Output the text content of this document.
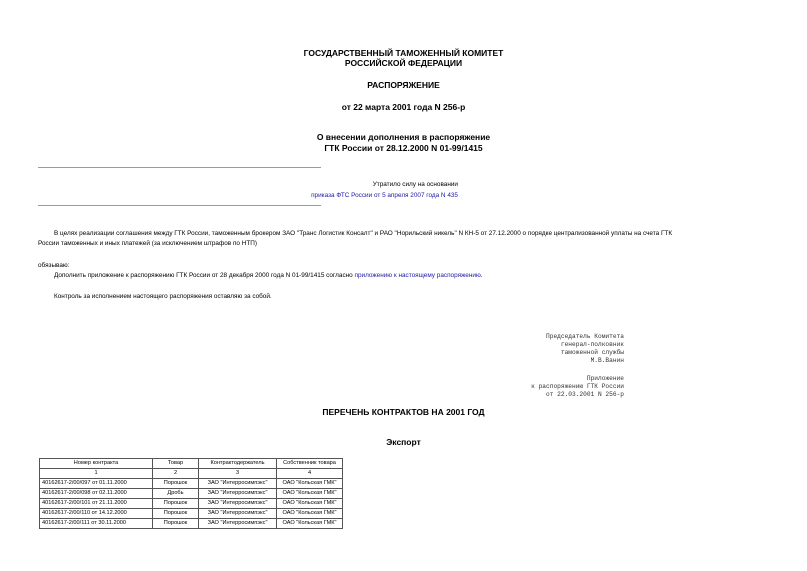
ГОСУДАРСТВЕННЫЙ ТАМОЖЕННЫЙ КОМИТЕТ
РОССИЙСКОЙ ФЕДЕРАЦИИ
РАСПОРЯЖЕНИЕ
от 22 марта 2001 года N 256-р
О внесении дополнения в распоряжение
ГТК России от 28.12.2000 N 01-99/1415
Утратило силу на основании
приказа ФТС России от 5 апреля 2007 года N 435
В целях реализации соглашения между ГТК России, таможенным брокером ЗАО "Транс Логистик Консалт" и РАО "Норильский никель" N КН-5 от 27.12.2000 о порядке централизованной уплаты на счета ГТК
России таможенных и иных платежей (за исключением штрафов по НТП)
обязываю:
Дополнить приложение к распоряжению ГТК России от 28 декабря 2000 года N 01-99/1415 согласно приложению к настоящему распоряжению.
Контроль за исполнением настоящего распоряжения оставляю за собой.
Председатель Комитета
генерал-полковник
таможенной службы
М.В.Ванин
Приложение
к распоряжению ГТК России
от 22.03.2001 N 256-р
ПЕРЕЧЕНЬ КОНТРАКТОВ НА 2001 ГОД
Экспорт
Номер контракта	Товар	Контрактодержатель	Собственник товара
1	2	3	4
40162617-2/00/097 от 01.11.2000	Порошок	ЗАО "Интерросимпэкс"	ОАО "Кольская ГМК"
40162617-2/00/098 от 02.11.2000	Дробь	ЗАО "Интерросимпэкс"	ОАО "Кольская ГМК"
40162617-2/00/101 от 21.11.2000	Порошок	ЗАО "Интерросимпэкс"	ОАО "Кольская ГМК"
40162617-2/00/110 от 14.12.2000	Порошок	ЗАО "Интерросимпэкс"	ОАО "Кольская ГМК"
40162617-2/00/111 от 30.11.2000	Порошок	ЗАО "Интерросимпэкс"	ОАО "Кольская ГМК"
